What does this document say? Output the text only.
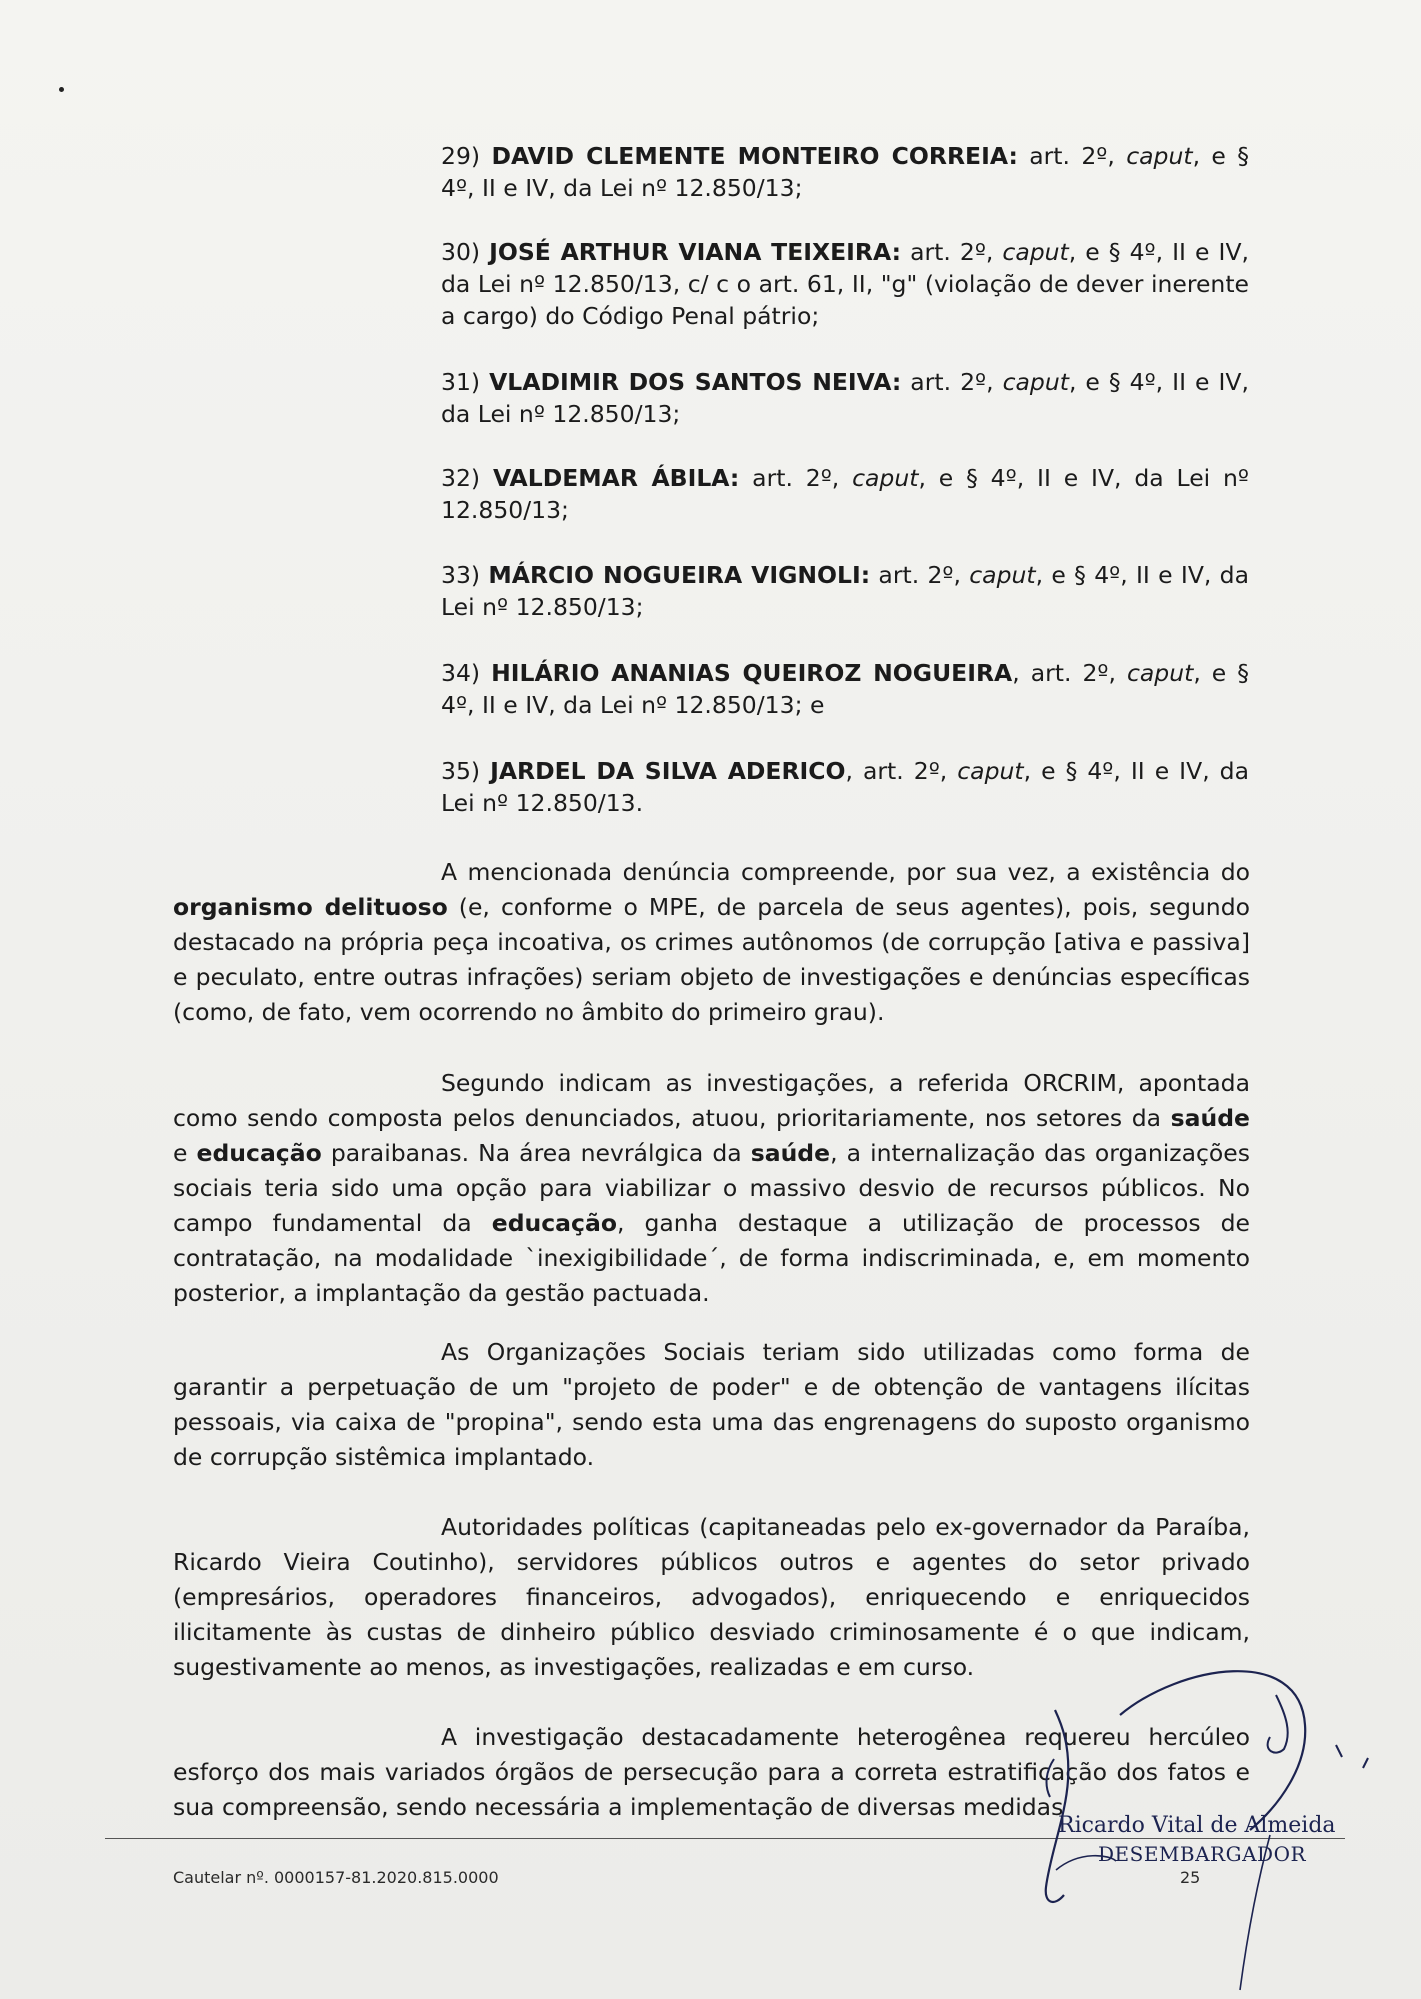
29) DAVID CLEMENTE MONTEIRO CORREIA: art. 2º, caput, e § 4º, II e IV, da Lei nº 12.850/13;

30) JOSÉ ARTHUR VIANA TEIXEIRA: art. 2º, caput, e § 4º, II e IV, da Lei nº 12.850/13, c/ c o art. 61, II, "g" (violação de dever inerente a cargo) do Código Penal pátrio;

31) VLADIMIR DOS SANTOS NEIVA: art. 2º, caput, e § 4º, II e IV, da Lei nº 12.850/13;

32) VALDEMAR ÁBILA: art. 2º, caput, e § 4º, II e IV, da Lei nº 12.850/13;

33) MÁRCIO NOGUEIRA VIGNOLI: art. 2º, caput, e § 4º, II e IV, da Lei nº 12.850/13;

34) HILÁRIO ANANIAS QUEIROZ NOGUEIRA, art. 2º, caput, e § 4º, II e IV, da Lei nº 12.850/13; e

35) JARDEL DA SILVA ADERICO, art. 2º, caput, e § 4º, II e IV, da Lei nº 12.850/13.

A mencionada denúncia compreende, por sua vez, a existência do organismo delituoso (e, conforme o MPE, de parcela de seus agentes), pois, segundo destacado na própria peça incoativa, os crimes autônomos (de corrupção [ativa e passiva] e peculato, entre outras infrações) seriam objeto de investigações e denúncias específicas (como, de fato, vem ocorrendo no âmbito do primeiro grau).

Segundo indicam as investigações, a referida ORCRIM, apontada como sendo composta pelos denunciados, atuou, prioritariamente, nos setores da saúde e educação paraibanas. Na área nevrálgica da saúde, a internalização das organizações sociais teria sido uma opção para viabilizar o massivo desvio de recursos públicos. No campo fundamental da educação, ganha destaque a utilização de processos de contratação, na modalidade `inexigibilidade´, de forma indiscriminada, e, em momento posterior, a implantação da gestão pactuada.

As Organizações Sociais teriam sido utilizadas como forma de garantir a perpetuação de um "projeto de poder" e de obtenção de vantagens ilícitas pessoais, via caixa de "propina", sendo esta uma das engrenagens do suposto organismo de corrupção sistêmica implantado.

Autoridades políticas (capitaneadas pelo ex-governador da Paraíba, Ricardo Vieira Coutinho), servidores públicos outros e agentes do setor privado (empresários, operadores financeiros, advogados), enriquecendo e enriquecidos ilicitamente às custas de dinheiro público desviado criminosamente é o que indicam, sugestivamente ao menos, as investigações, realizadas e em curso.

A investigação destacadamente heterogênea requereu hercúleo esforço dos mais variados órgãos de persecução para a correta estratificação dos fatos e sua compreensão, sendo necessária a implementação de diversas medidas

Cautelar nº. 0000157-81.2020.815.0000	25
Ricardo Vital de Almeida
DESEMBARGADOR
